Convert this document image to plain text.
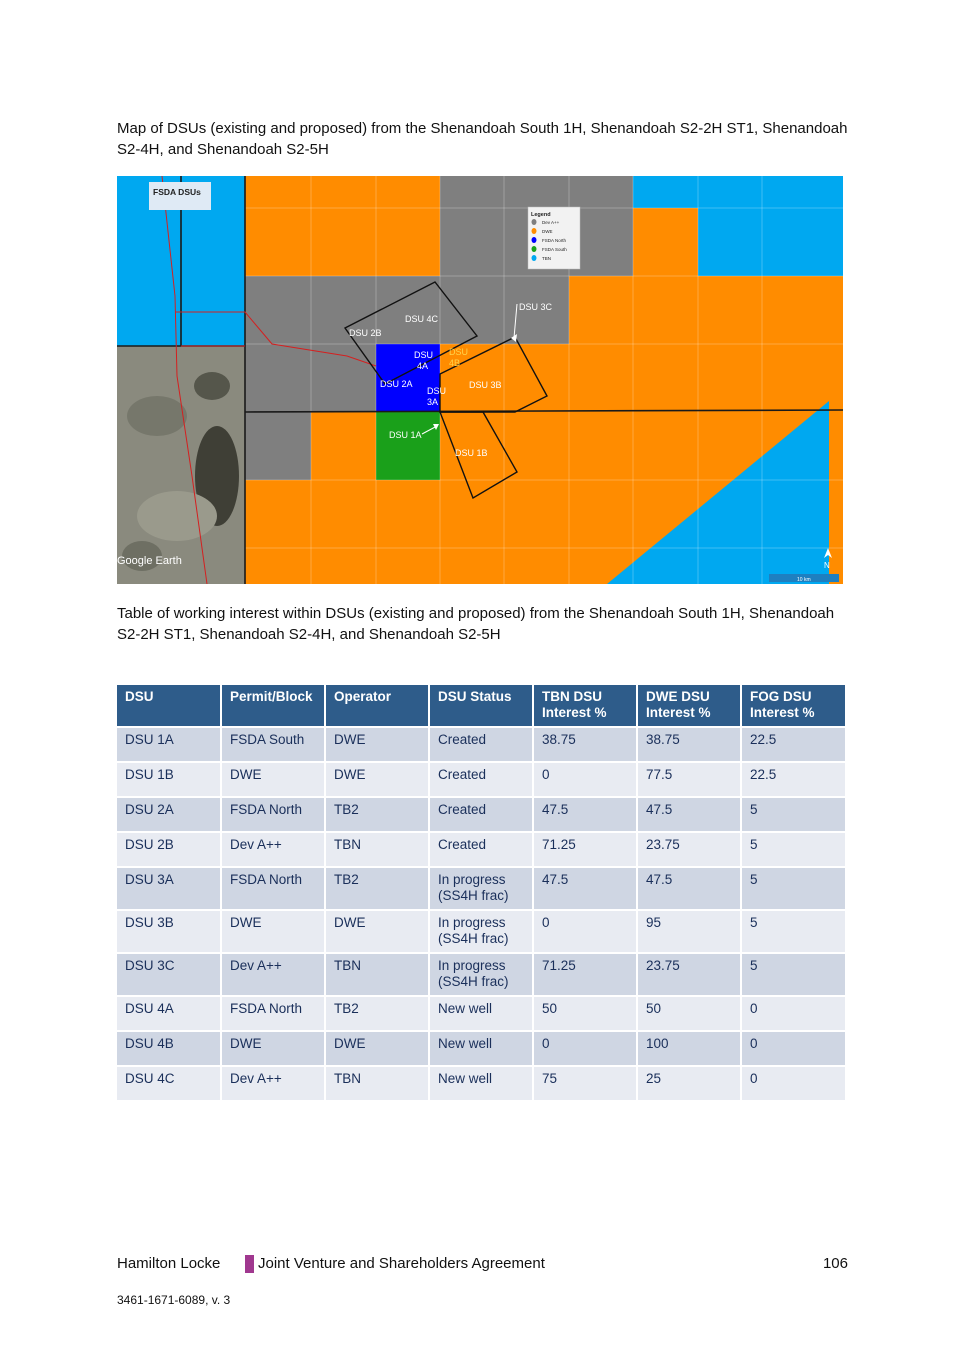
Map of DSUs (existing and proposed) from the Shenandoah South 1H, Shenandoah S2-2H ST1, Shenandoah S2-4H, and Shenandoah S2-5H
FSDA DSUs
Legend
Dev A++
DWE
FSDA North
FSDA South
TBN
DSU 2B
DSU 4C
DSU 3C
DSU
4A
DSU
4B
DSU 2A
DSU
3A
DSU 3B
DSU 1A
DSU 1B
Google Earth
10 km
N
Table of working interest within DSUs (existing and proposed) from the Shenandoah South 1H, Shenandoah S2-2H ST1, Shenandoah S2-4H, and Shenandoah S2-5H
DSU	Permit/Block	Operator	DSU Status	TBN DSU Interest %	DWE DSU Interest %	FOG DSU Interest %
DSU 1A	FSDA South	DWE	Created	38.75	38.75	22.5
DSU 1B	DWE	DWE	Created	0	77.5	22.5
DSU 2A	FSDA North	TB2	Created	47.5	47.5	5
DSU 2B	Dev A++	TBN	Created	71.25	23.75	5
DSU 3A	FSDA North	TB2	In progress (SS4H frac)	47.5	47.5	5
DSU 3B	DWE	DWE	In progress (SS4H frac)	0	95	5
DSU 3C	Dev A++	TBN	In progress (SS4H frac)	71.25	23.75	5
DSU 4A	FSDA North	TB2	New well	50	50	0
DSU 4B	DWE	DWE	New well	0	100	0
DSU 4C	Dev A++	TBN	New well	75	25	0
Hamilton Locke	Joint Venture and Shareholders Agreement	106
3461-1671-6089, v. 3
